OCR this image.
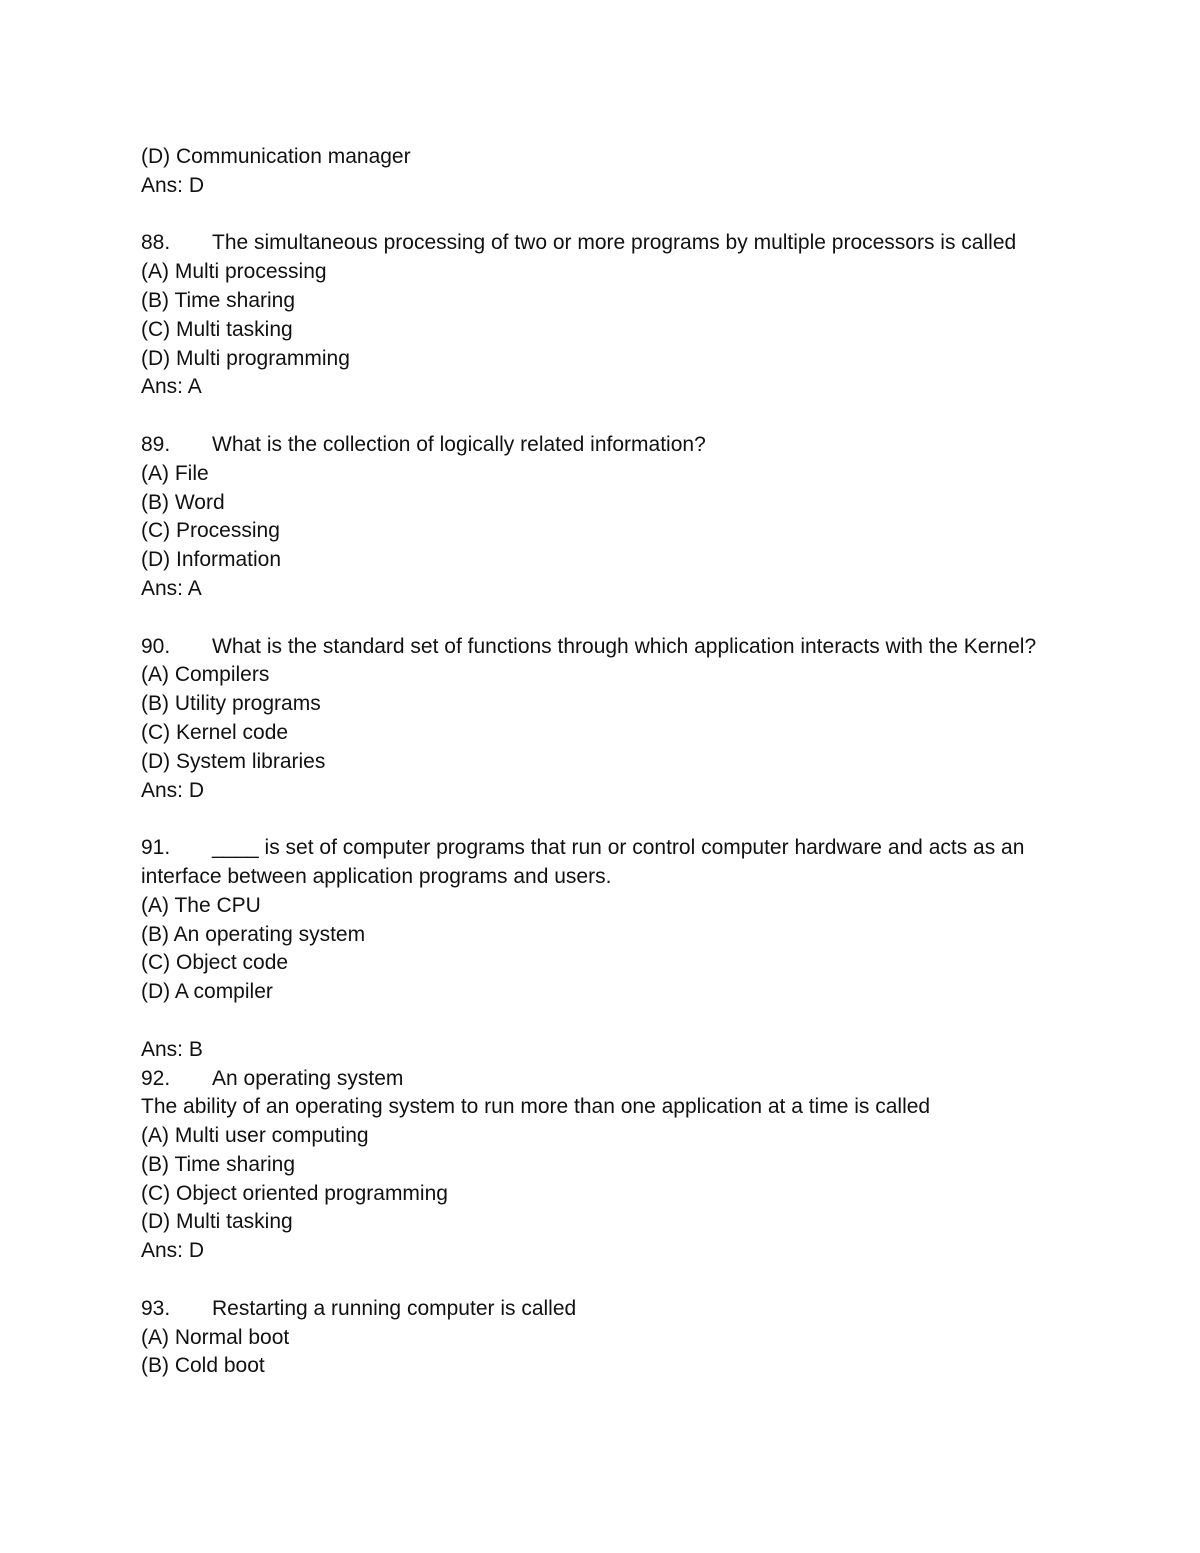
(D) Communication manager
Ans: D
88. The simultaneous processing of two or more programs by multiple processors is called
(A) Multi processing
(B) Time sharing
(C) Multi tasking
(D) Multi programming
Ans: A
89. What is the collection of logically related information?
(A) File
(B) Word
(C) Processing
(D) Information
Ans: A
90. What is the standard set of functions through which application interacts with the Kernel?
(A) Compilers
(B) Utility programs
(C) Kernel code
(D) System libraries
Ans: D
91. ____ is set of computer programs that run or control computer hardware and acts as an interface between application programs and users.
(A) The CPU
(B) An operating system
(C) Object code
(D) A compiler
Ans: B
92. An operating system
The ability of an operating system to run more than one application at a time is called
(A) Multi user computing
(B) Time sharing
(C) Object oriented programming
(D) Multi tasking
Ans: D
93. Restarting a running computer is called
(A) Normal boot
(B) Cold boot
